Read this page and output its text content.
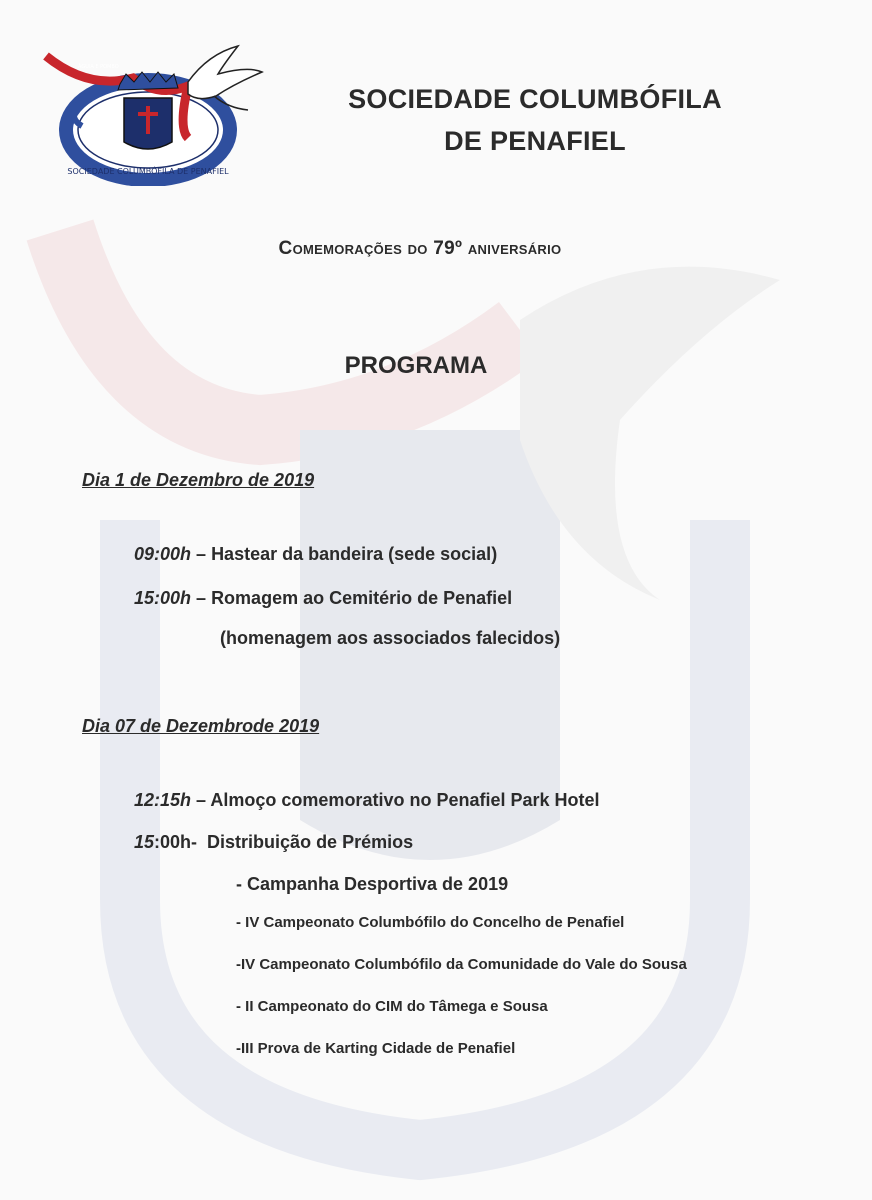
SOCIEDADE COLUMBÓFILA DE PENAFIEL
ÁGUIA E POMBO
SOCIEDADE COLUMBÓFILA
DE PENAFIEL
Comemorações do 79º aniversário
PROGRAMA
Dia 1 de Dezembro de 2019
09:00h – Hastear da bandeira (sede social)
15:00h – Romagem ao Cemitério de Penafiel
(homenagem aos associados falecidos)
Dia 07 de Dezembrode 2019
12:15h – Almoço comemorativo no Penafiel Park Hotel
15:00h-  Distribuição de Prémios
- Campanha Desportiva de 2019
- IV Campeonato Columbófilo do Concelho de Penafiel
-IV Campeonato Columbófilo da Comunidade do Vale do Sousa
- II Campeonato do CIM do Tâmega e Sousa
-III Prova de Karting Cidade de Penafiel
